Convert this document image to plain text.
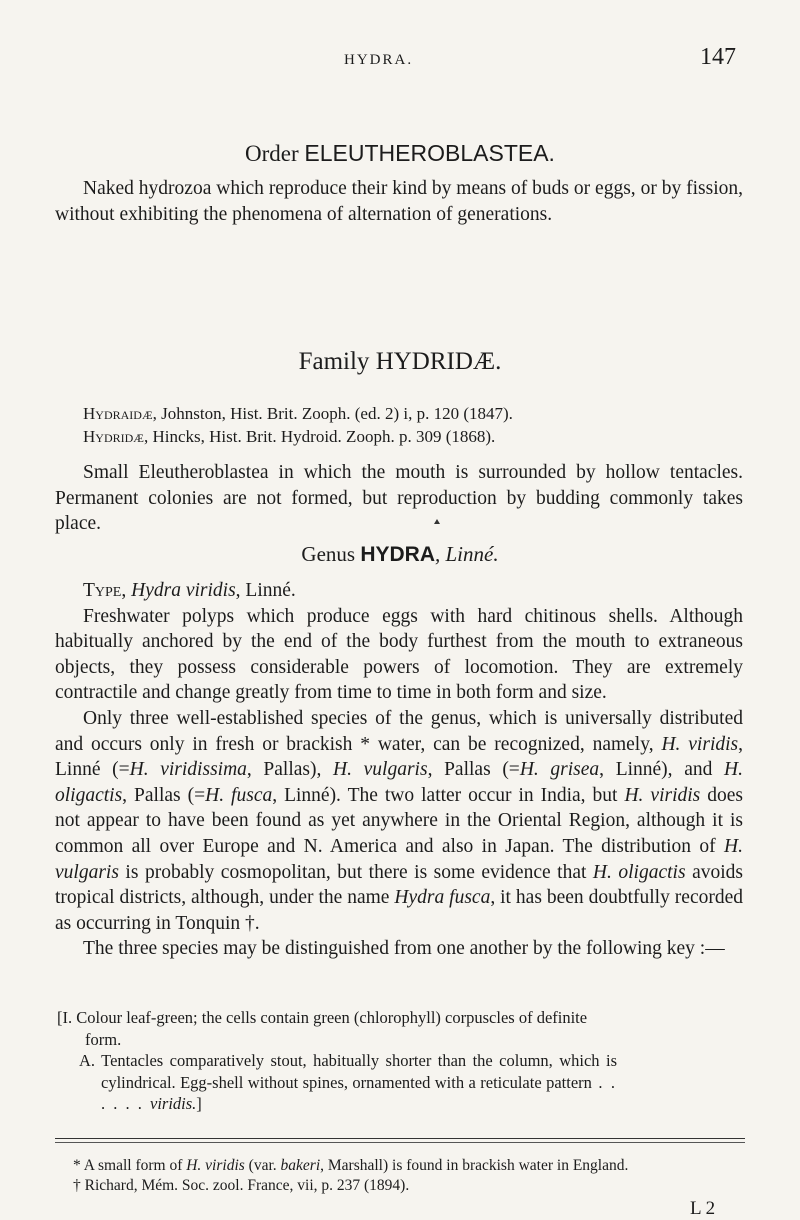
HYDRA.	147
Order ELEUTHEROBLASTEA.

Naked hydrozoa which reproduce their kind by means of buds or eggs, or by fission, without exhibiting the phenomena of alternation of generations.

Family HYDRIDÆ.

Hydraidæ, Johnston, Hist. Brit. Zooph. (ed. 2) i, p. 120 (1847).

Hydridæ, Hincks, Hist. Brit. Hydroid. Zooph. p. 309 (1868).

Small Eleutheroblastea in which the mouth is surrounded by hollow tentacles. Permanent colonies are not formed, but reproduction by budding commonly takes place.

Genus HYDRA, Linné.

Type, Hydra viridis, Linné.

Freshwater polyps which produce eggs with hard chitinous shells. Although habitually anchored by the end of the body furthest from the mouth to extraneous objects, they possess considerable powers of locomotion. They are extremely contractile and change greatly from time to time in both form and size.

Only three well-established species of the genus, which is universally distributed and occurs only in fresh or brackish * water, can be recognized, namely, H. viridis, Linné (=H. viridissima, Pallas), H. vulgaris, Pallas (=H. grisea, Linné), and H. oligactis, Pallas (=H. fusca, Linné). The two latter occur in India, but H. viridis does not appear to have been found as yet anywhere in the Oriental Region, although it is common all over Europe and N. America and also in Japan. The distribution of H. vulgaris is probably cosmopolitan, but there is some evidence that H. oligactis avoids tropical districts, although, under the name Hydra fusca, it has been doubtfully recorded as occurring in Tonquin †.

The three species may be distinguished from one another by the following key :—

[I. Colour leaf-green; the cells contain green (chlorophyll) corpuscles of definite form.

A. Tentacles comparatively stout, habitually shorter than the column, which is cylindrical. Egg-shell without spines, ornamented with a reticulate pattern . . . . . . viridis.]

* A small form of H. viridis (var. bakeri, Marshall) is found in brackish water in England.

† Richard, Mém. Soc. zool. France, vii, p. 237 (1894).

L 2
